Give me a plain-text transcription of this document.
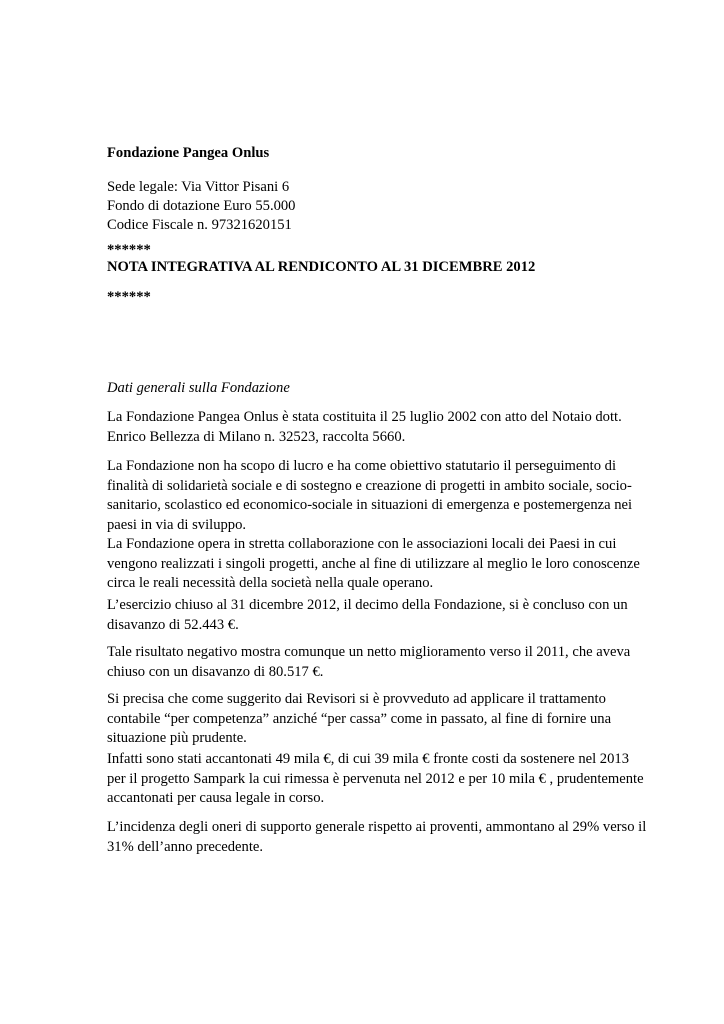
Fondazione Pangea Onlus
Sede legale: Via Vittor Pisani 6
Fondo di dotazione Euro 55.000
Codice Fiscale n. 97321620151
******
NOTA INTEGRATIVA AL RENDICONTO AL 31 DICEMBRE 2012
******
Dati generali sulla Fondazione
La Fondazione Pangea Onlus è stata costituita il 25 luglio 2002 con atto del Notaio dott.
Enrico Bellezza di Milano n. 32523, raccolta 5660.
La Fondazione non ha scopo di lucro e ha come obiettivo statutario il perseguimento di
finalità di solidarietà sociale e di sostegno e creazione di progetti in ambito sociale, socio-
sanitario, scolastico ed economico-sociale in situazioni di emergenza e postemergenza nei
paesi in via di sviluppo.
La Fondazione opera in stretta collaborazione con le associazioni locali dei Paesi in cui
vengono realizzati i singoli progetti, anche al fine di utilizzare al meglio le loro conoscenze
circa le reali necessità della società nella quale operano.
L’esercizio chiuso al 31 dicembre 2012, il decimo della Fondazione, si è concluso con un
disavanzo di 52.443 €.
Tale risultato negativo mostra comunque un netto miglioramento verso il 2011, che aveva
chiuso con un disavanzo di 80.517 €.
Si precisa che come suggerito dai Revisori si è provveduto ad applicare il trattamento
contabile “per competenza” anziché “per cassa” come in passato, al fine di fornire una
situazione più prudente.
Infatti sono stati accantonati 49 mila €, di cui 39 mila € fronte costi da sostenere nel 2013
per il progetto Sampark la cui rimessa è pervenuta nel 2012 e per 10 mila € , prudentemente
accantonati per causa legale in corso.
L’incidenza degli oneri di supporto generale rispetto ai proventi, ammontano al 29% verso il
31% dell’anno precedente.
